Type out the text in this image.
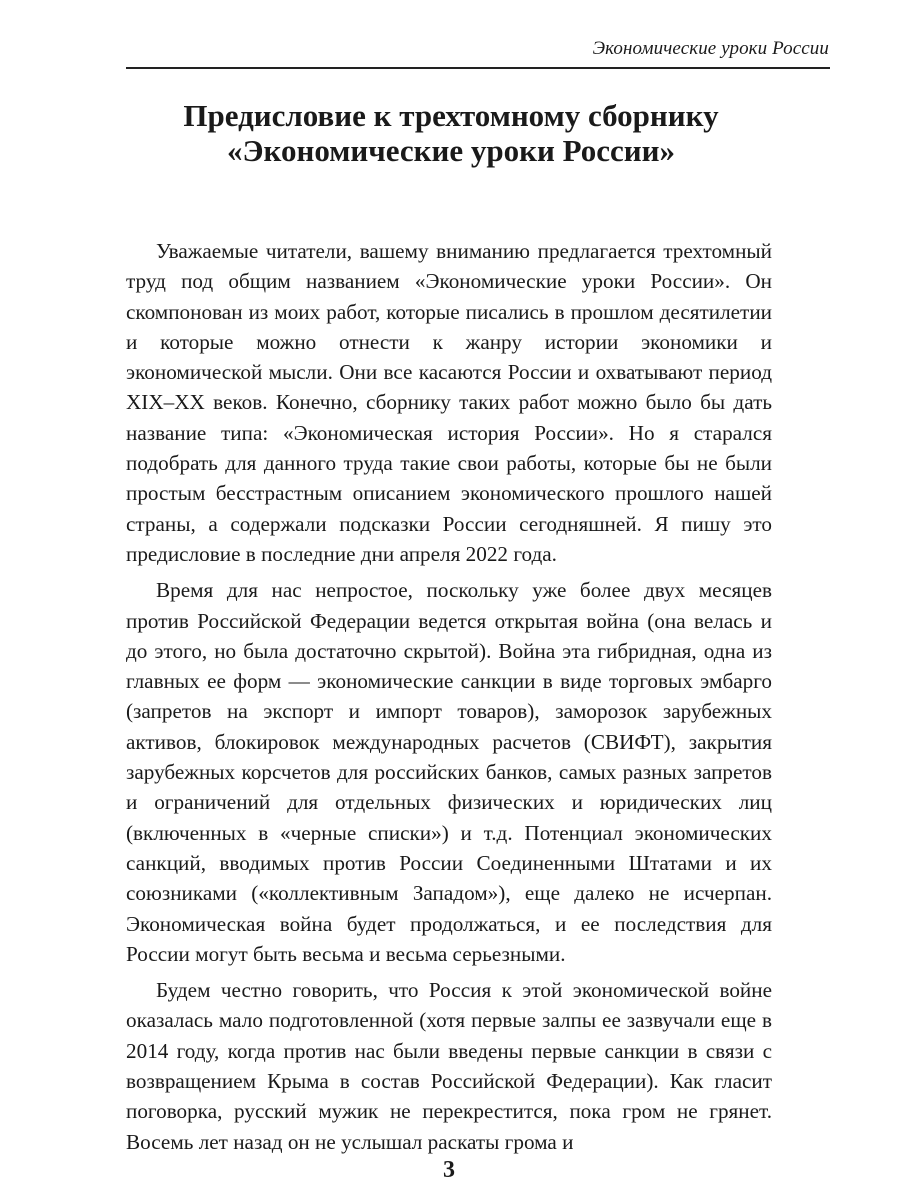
Экономические уроки России
Предисловие к трехтомному сборнику
«Экономические уроки России»

Уважаемые читатели, вашему вниманию предлагается трехтомный труд под общим названием «Экономические уроки России». Он скомпонован из моих работ, которые писались в прошлом десятилетии и которые можно отнести к жанру истории экономики и экономической мысли. Они все касаются России и охватывают период XIX–XX веков. Конечно, сборнику таких работ можно было бы дать название типа: «Экономическая история России». Но я старался подобрать для данного труда такие свои работы, которые бы не были простым бесстрастным описанием экономического прошлого нашей страны, а содержали подсказки России сегодняшней. Я пишу это предисловие в последние дни апреля 2022 года.

Время для нас непростое, поскольку уже более двух месяцев против Российской Федерации ведется открытая война (она велась и до этого, но была достаточно скрытой). Война эта гибридная, одна из главных ее форм — экономические санкции в виде торговых эмбарго (запретов на экспорт и импорт товаров), заморозок зарубежных активов, блокировок международных расчетов (СВИФТ), закрытия зарубежных корсчетов для российских банков, самых разных запретов и ограничений для отдельных физических и юридических лиц (включенных в «черные списки») и т.д. Потенциал экономических санкций, вводимых против России Соединенными Штатами и их союзниками («коллективным Западом»), еще далеко не исчерпан. Экономическая война будет продолжаться, и ее последствия для России могут быть весьма и весьма серьезными.

Будем честно говорить, что Россия к этой экономической войне оказалась мало подготовленной (хотя первые залпы ее зазвучали еще в 2014 году, когда против нас были введены первые санкции в связи с возвращением Крыма в состав Российской Федерации). Как гласит поговорка, русский мужик не перекрестится, пока гром не грянет. Восемь лет назад он не услышал раскаты грома и

3
